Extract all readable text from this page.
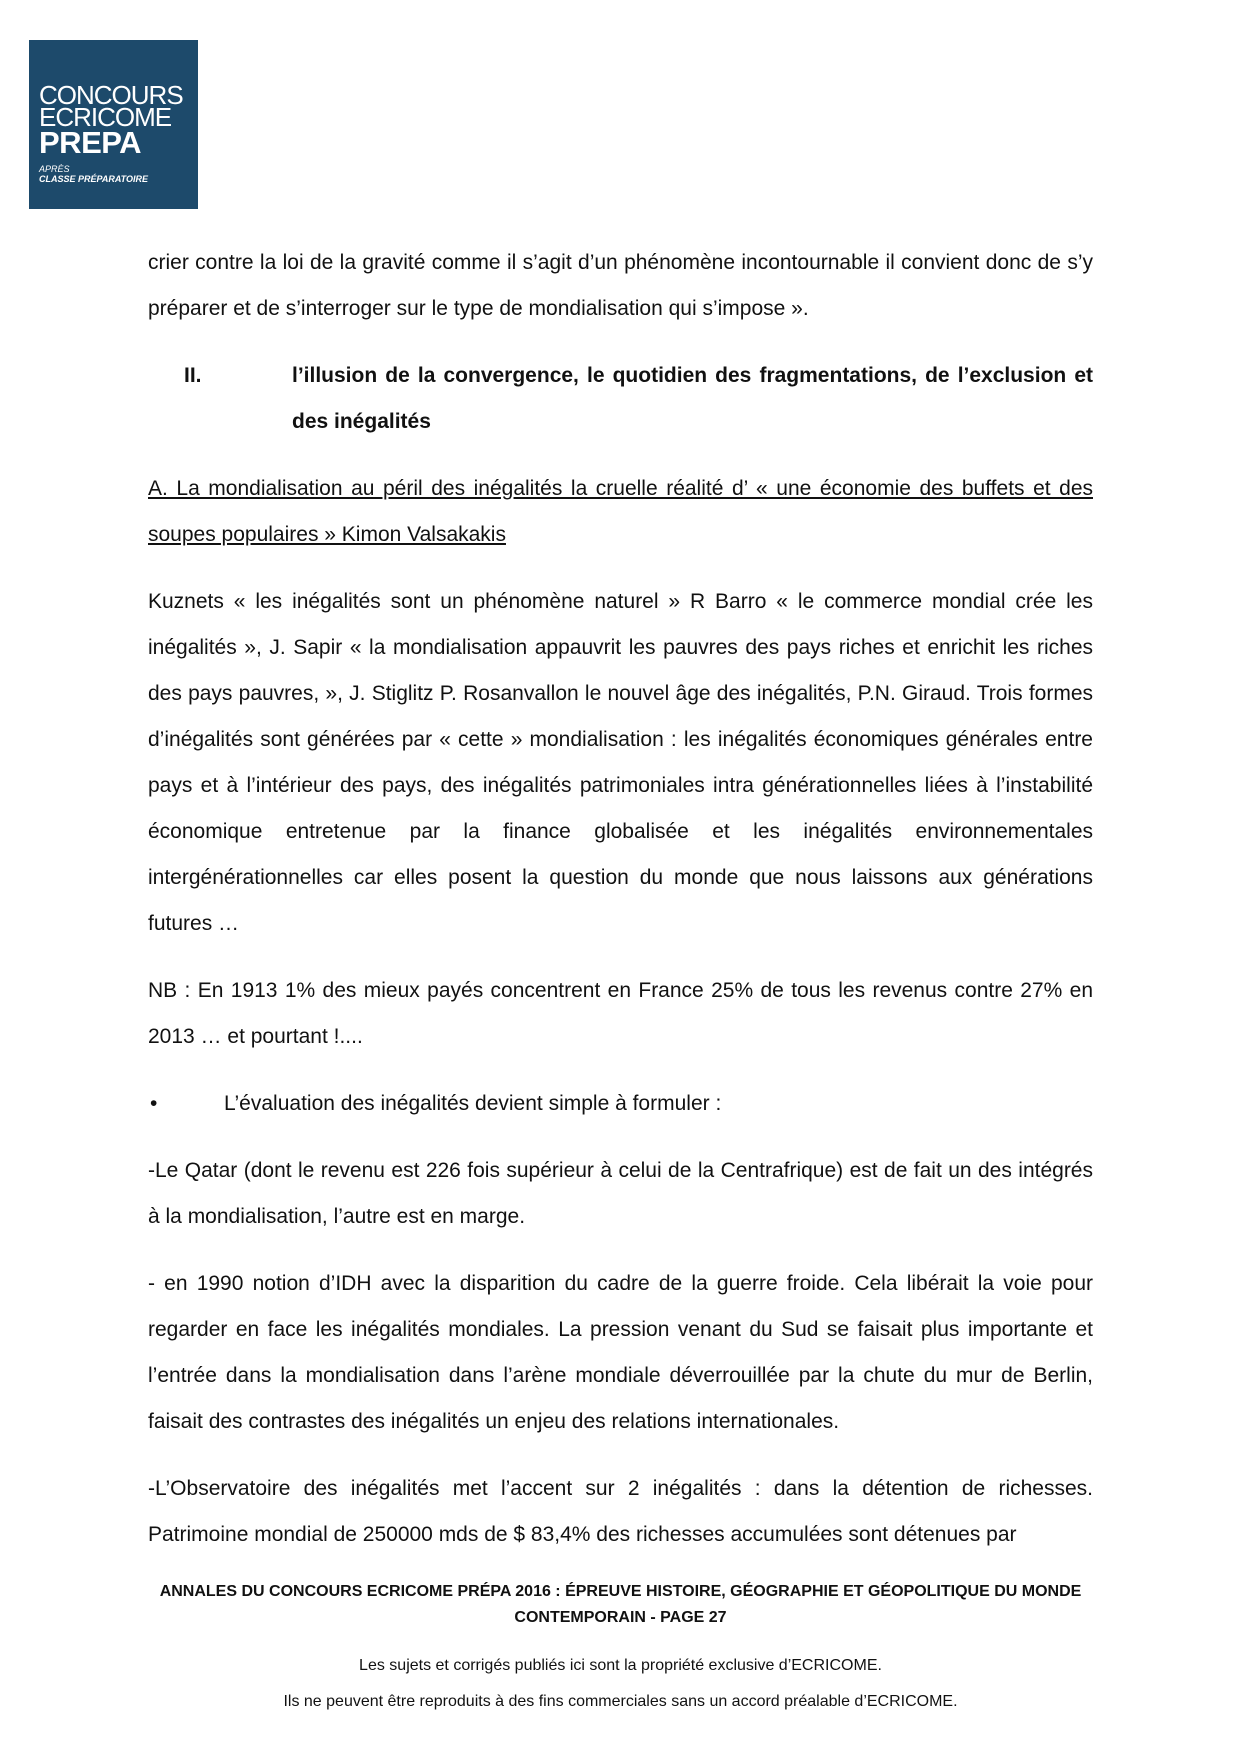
CONCOURS
ECRICOME
PREPA
APRÈS
CLASSE PRÉPARATOIRE

crier contre la loi de la gravité comme il s’agit d’un phénomène incontournable il convient donc de s’y préparer et de s’interroger sur le type de mondialisation qui s’impose ».

II.	l’illusion de la convergence, le quotidien des fragmentations, de l’exclusion et des inégalités

A. La mondialisation au péril des inégalités la cruelle réalité d’ « une économie des buffets et des soupes populaires » Kimon Valsakakis

Kuznets « les inégalités sont un phénomène naturel » R Barro « le commerce mondial crée les inégalités », J. Sapir « la mondialisation appauvrit les pauvres des pays riches et enrichit les riches des pays pauvres, », J. Stiglitz P. Rosanvallon le nouvel âge des inégalités, P.N. Giraud. Trois formes d’inégalités sont générées par « cette » mondialisation : les inégalités économiques générales entre pays et à l’intérieur des pays, des inégalités patrimoniales intra générationnelles liées à l’instabilité économique entretenue par la finance globalisée et les inégalités environnementales intergénérationnelles car elles posent la question du monde que nous laissons aux générations futures …

NB : En 1913 1% des mieux payés concentrent en France 25% de tous les revenus contre 27% en 2013 … et pourtant !....

•	L’évaluation des inégalités devient simple à formuler :

-Le Qatar (dont le revenu est 226 fois supérieur à celui de la Centrafrique) est de fait un des intégrés à la mondialisation, l’autre est en marge.

- en 1990 notion d’IDH avec la disparition du cadre de la guerre froide. Cela libérait la voie pour regarder en face les inégalités mondiales. La pression venant du Sud se faisait plus importante et l’entrée dans la mondialisation dans l’arène mondiale déverrouillée par la chute du mur de Berlin, faisait des contrastes des inégalités un enjeu des relations internationales.

-L’Observatoire des inégalités met l’accent sur 2 inégalités : dans la détention de richesses. Patrimoine mondial de 250000 mds de $ 83,4% des richesses accumulées sont détenues par

ANNALES DU CONCOURS ECRICOME PRÉPA 2016 : ÉPREUVE HISTOIRE, GÉOGRAPHIE ET GÉOPOLITIQUE DU MONDE
CONTEMPORAIN - PAGE 27
Les sujets et corrigés publiés ici sont la propriété exclusive d’ECRICOME.
Ils ne peuvent être reproduits à des fins commerciales sans un accord préalable d’ECRICOME.
